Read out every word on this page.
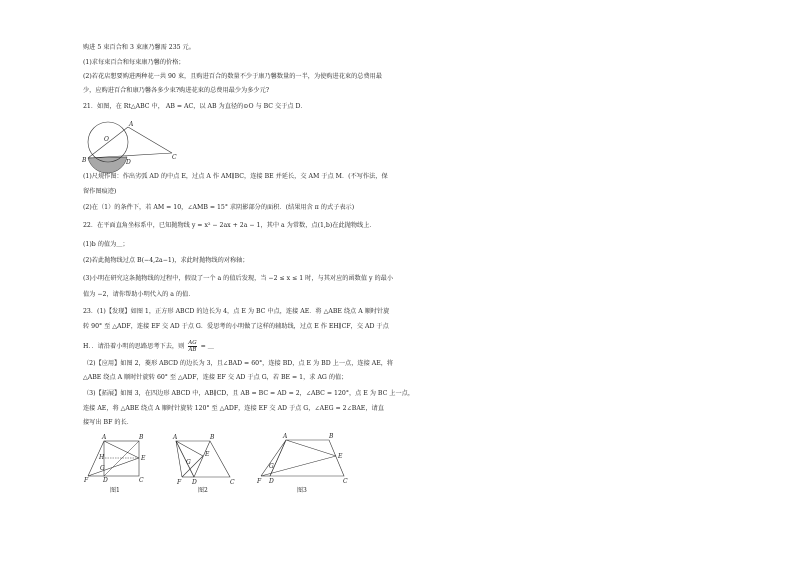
购进 5 束百合和 3 束康乃馨需 235 元。
(1)求每束百合和每束康乃馨的价格；
(2)若花店想要购进两种花一共 90 束，且购进百合的数量不少于康乃馨数量的一半，为使购进花束的总费用最
少，应购进百合和康乃馨各多少束?购进花束的总费用最少为多少元?
21．如图，在 Rt△ABC 中， AB = AC，以 AB 为直径的⊙O 与 BC 交于点 D．
A
O
B	D
C
(1)尺规作图：作出劣弧 AD 的中点 E，过点 A 作 AM∥BC，连接 BE 并延长，交 AM 于点 M．(不写作法，保
留作图痕迹)
(2)在（1）的条件下，若 AM = 10，∠AMB = 15° 求阴影部分的面积．(结果用含 π 的式子表示)
22．在平面直角坐标系中，已知抛物线 y = x² − 2ax + 2a − 1，其中 a 为常数，点(1,b)在此抛物线上．
(1)b 的值为＿；
(2)若此抛物线过点 B(−4,2a−1)，求此时抛物线的对称轴；
(3)小明在研究这条抛物线的过程中，假设了一个 a 的值后发现，当 −2 ≤ x ≤ 1 时，与其对应的函数值 y 的最小
值为 −2，请你帮助小明代入的 a 的值．
23．(1)【发现】如图 1，正方形 ABCD 的边长为 4，点 E 为 BC 中点，连接 AE．将 △ABE 绕点 A 顺时针旋
转 90° 至 △ADF，连接 EF 交 AD 于点 G．爱思考的小明做了这样的辅助线，过点 E 作 EH∥CF，交 AD 于点
H．．请沿着小明的思路思考下去，则 $\frac{AG}{AB}$ = ＿
（2)【应用】如图 2，菱形 ABCD 的边长为 3，且∠BAD = 60°，连接 BD，点 E 为 BD 上一点，连接 AE，将
△ABE 绕点 A 顺时针旋转 60° 至 △ADF，连接 EF 交 AD 于点 G，若 BE = 1，求 AG 的值；
（3)【拓展】如图 3，在四边形 ABCD 中，AB∥CD，且 AB = BC = AD = 2，∠ABC = 120°，点 E 为 BC 上一点，
连接 AE，将 △ABE 绕点 A 顺时针旋转 120° 至 △ADF，连接 EF 交 AD 于点 G，∠AEG = 2∠BAE，请直
接写出 BF 的长．
A	B
H	E
G
F D	C
图1
A	B
G
E
F D	C
图2
A	B
G
E
F D	C
图3
